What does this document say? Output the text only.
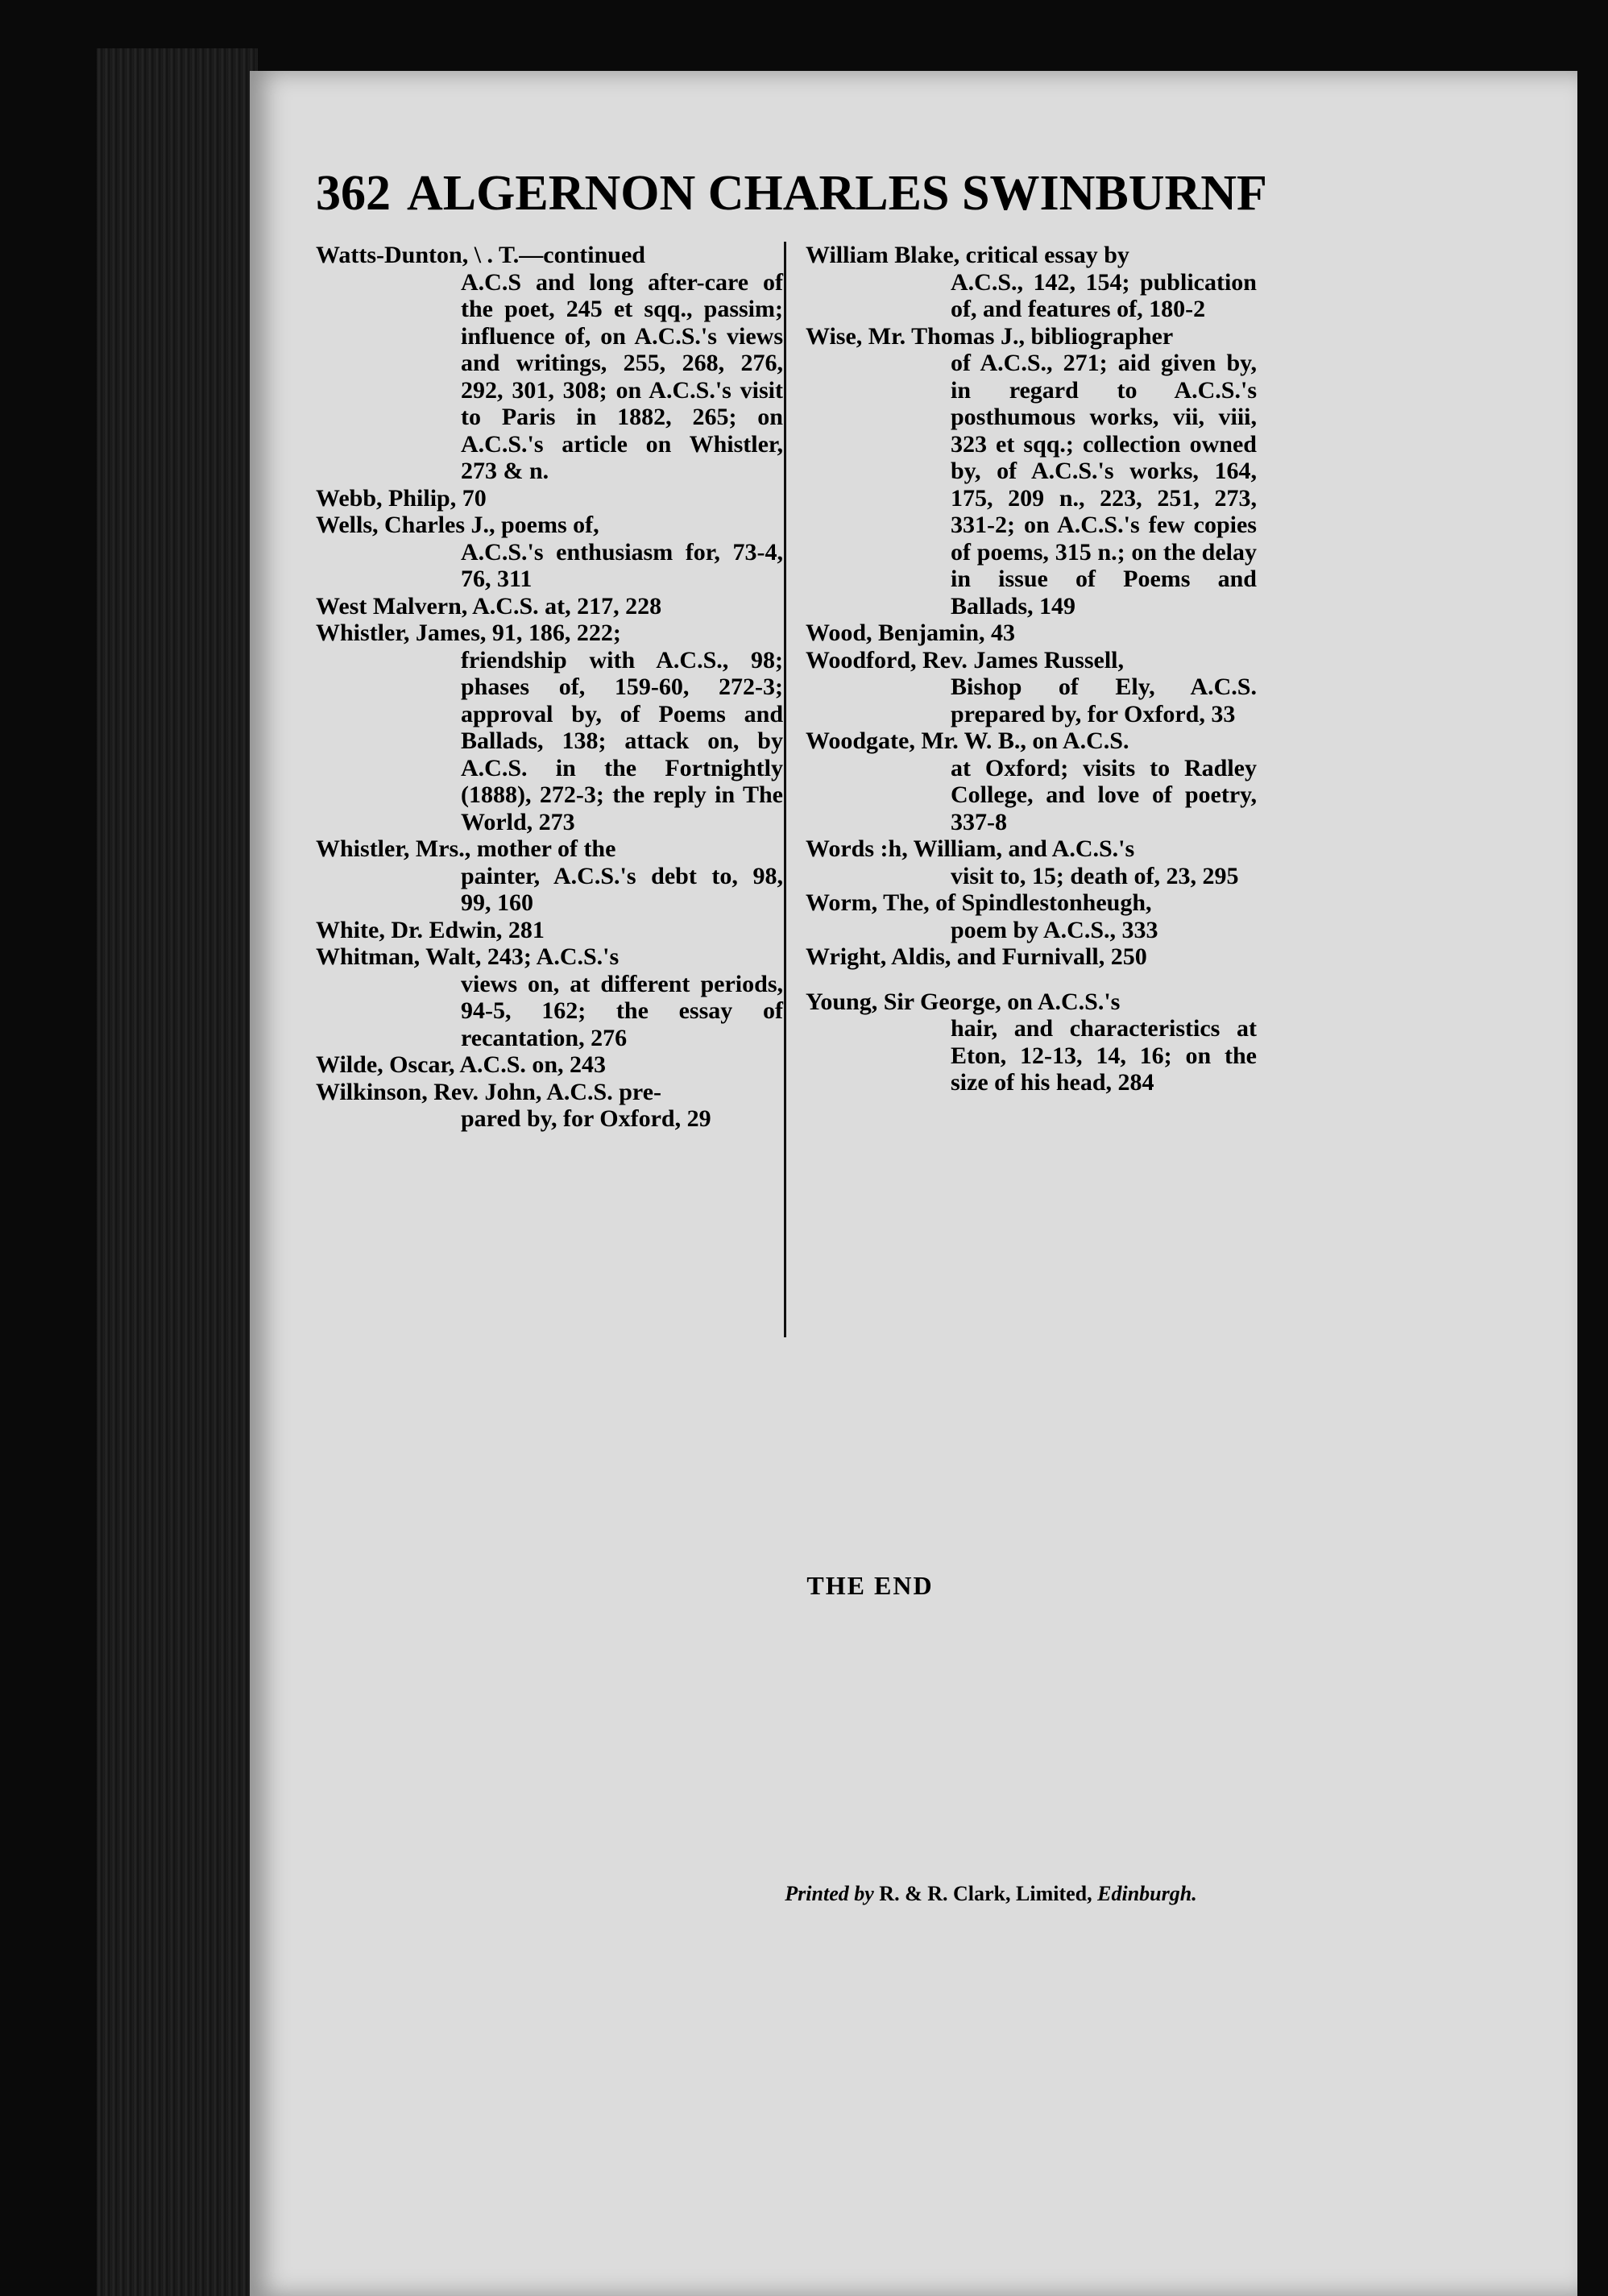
362 ALGERNON CHARLES SWINBURNF
Watts-Dunton, \ . T.—continued
A.C.S and long after-care of the poet, 245 et sqq., passim; influence of, on A.C.S.'s views and writings, 255, 268, 276, 292, 301, 308; on A.C.S.'s visit to Paris in 1882, 265; on A.C.S.'s article on Whistler, 273 & n.
Webb, Philip, 70
Wells, Charles J., poems of,
A.C.S.'s enthusiasm for, 73-4, 76, 311
West Malvern, A.C.S. at, 217, 228
Whistler, James, 91, 186, 222;
friendship with A.C.S., 98; phases of, 159-60, 272-3; approval by, of Poems and Ballads, 138; attack on, by A.C.S. in the Fortnightly (1888), 272-3; the reply in The World, 273
Whistler, Mrs., mother of the
painter, A.C.S.'s debt to, 98, 99, 160
White, Dr. Edwin, 281
Whitman, Walt, 243; A.C.S.'s
views on, at different periods, 94-5, 162; the essay of recantation, 276
Wilde, Oscar, A.C.S. on, 243
Wilkinson, Rev. John, A.C.S. pre-
pared by, for Oxford, 29
William Blake, critical essay by
A.C.S., 142, 154; publication of, and features of, 180-2
Wise, Mr. Thomas J., bibliographer
of A.C.S., 271; aid given by, in regard to A.C.S.'s posthumous works, vii, viii, 323 et sqq.; collection owned by, of A.C.S.'s works, 164, 175, 209 n., 223, 251, 273, 331-2; on A.C.S.'s few copies of poems, 315 n.; on the delay in issue of Poems and Ballads, 149
Wood, Benjamin, 43
Woodford, Rev. James Russell,
Bishop of Ely, A.C.S. prepared by, for Oxford, 33
Woodgate, Mr. W. B., on A.C.S.
at Oxford; visits to Radley College, and love of poetry, 337-8
Words :h, William, and A.C.S.'s
visit to, 15; death of, 23, 295
Worm, The, of Spindlestonheugh,
poem by A.C.S., 333
Wright, Aldis, and Furnivall, 250
Young, Sir George, on A.C.S.'s
hair, and characteristics at Eton, 12-13, 14, 16; on the size of his head, 284
THE END
Printed by R. & R. Clark, Limited, Edinburgh.
